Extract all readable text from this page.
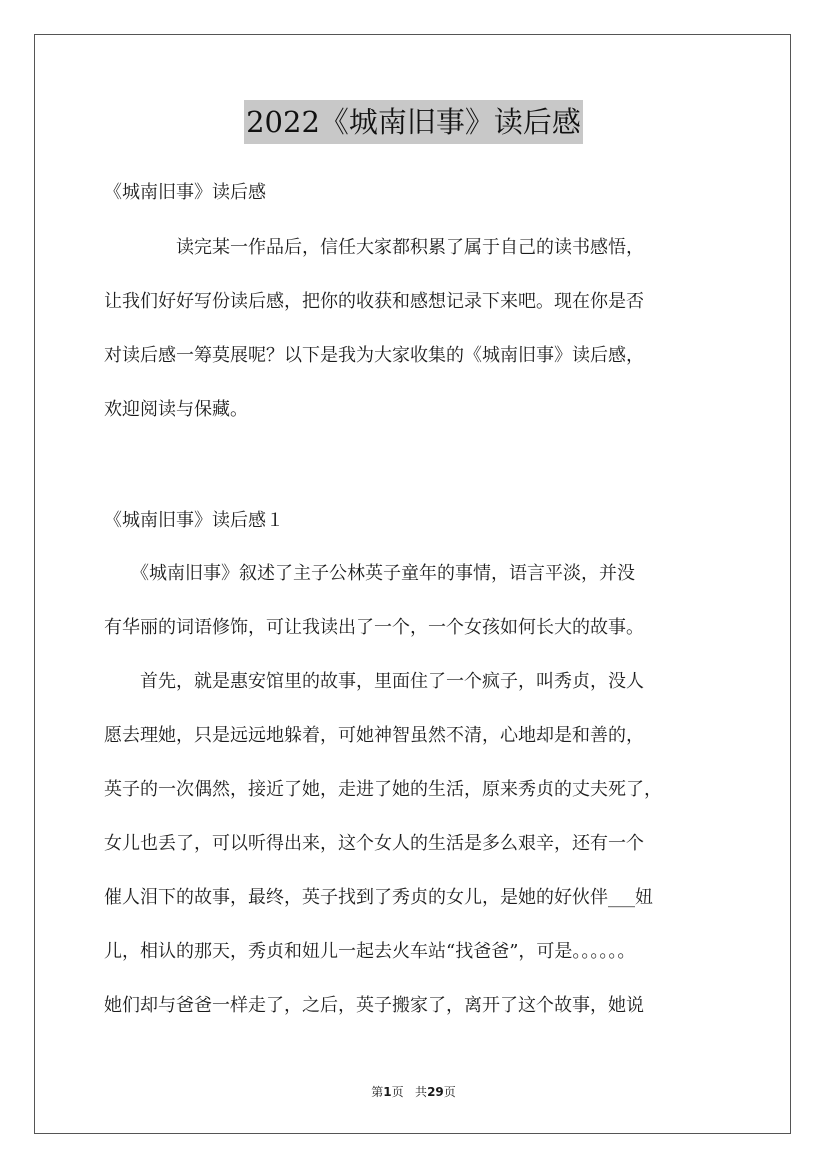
2022《城南旧事》读后感
《城南旧事》读后感
　　　　读完某一作品后，信任大家都积累了属于自己的读书感悟，
让我们好好写份读后感，把你的收获和感想记录下来吧。现在你是否
对读后感一筹莫展呢？以下是我为大家收集的《城南旧事》读后感，
欢迎阅读与保藏。
《城南旧事》读后感１
　　《城南旧事》叙述了主子公林英子童年的事情，语言平淡，并没
有华丽的词语修饰，可让我读出了一个，一个女孩如何长大的故事。
　　首先，就是惠安馆里的故事，里面住了一个疯子，叫秀贞，没人
愿去理她，只是远远地躲着，可她神智虽然不清，心地却是和善的，
英子的一次偶然，接近了她，走进了她的生活，原来秀贞的丈夫死了，
女儿也丢了，可以听得出来，这个女人的生活是多么艰辛，还有一个
催人泪下的故事，最终，英子找到了秀贞的女儿，是她的好伙伴___妞
儿，相认的那天，秀贞和妞儿一起去火车站“找爸爸”，可是。。。。。。
她们却与爸爸一样走了，之后，英子搬家了，离开了这个故事，她说
第1页 共29页
